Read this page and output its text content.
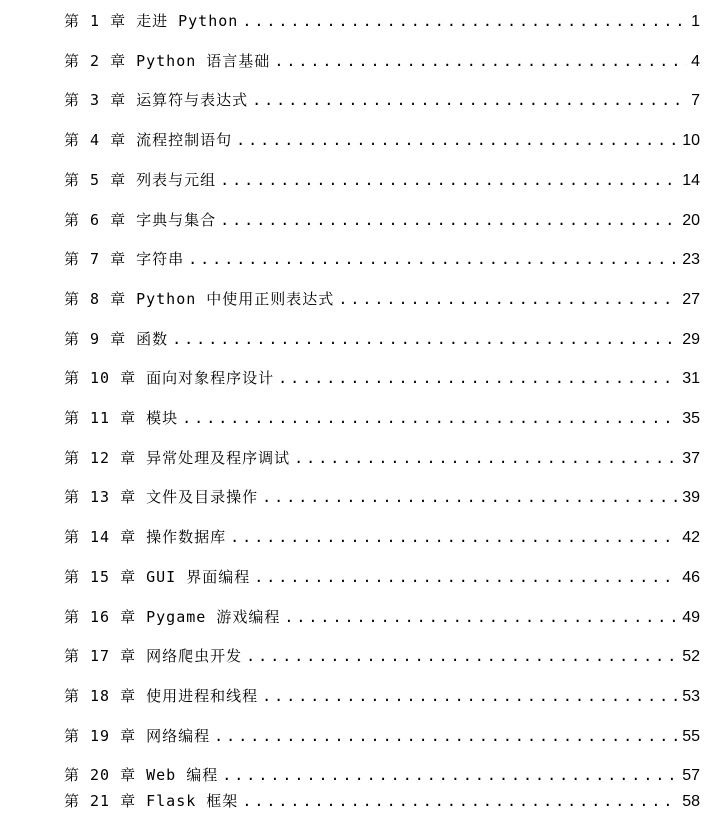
第 1 章 走进 Python .....	1
第 2 章 Python 语言基础 .....	4
第 3 章 运算符与表达式 .....	7
第 4 章 流程控制语句 .....	10
第 5 章 列表与元组 .....	14
第 6 章 字典与集合 .....	20
第 7 章 字符串 .....	23
第 8 章 Python 中使用正则表达式 .....	27
第 9 章 函数 .....	29
第 10 章 面向对象程序设计 .....	31
第 11 章 模块 .....	35
第 12 章 异常处理及程序调试 .....	37
第 13 章 文件及目录操作 .....	39
第 14 章 操作数据库 .....	42
第 15 章 GUI 界面编程 .....	46
第 16 章 Pygame 游戏编程 .....	49
第 17 章 网络爬虫开发 .....	52
第 18 章 使用进程和线程 .....	53
第 19 章 网络编程 .....	55
第 20 章 Web 编程 .....	57
第 21 章 Flask 框架 .....	58
